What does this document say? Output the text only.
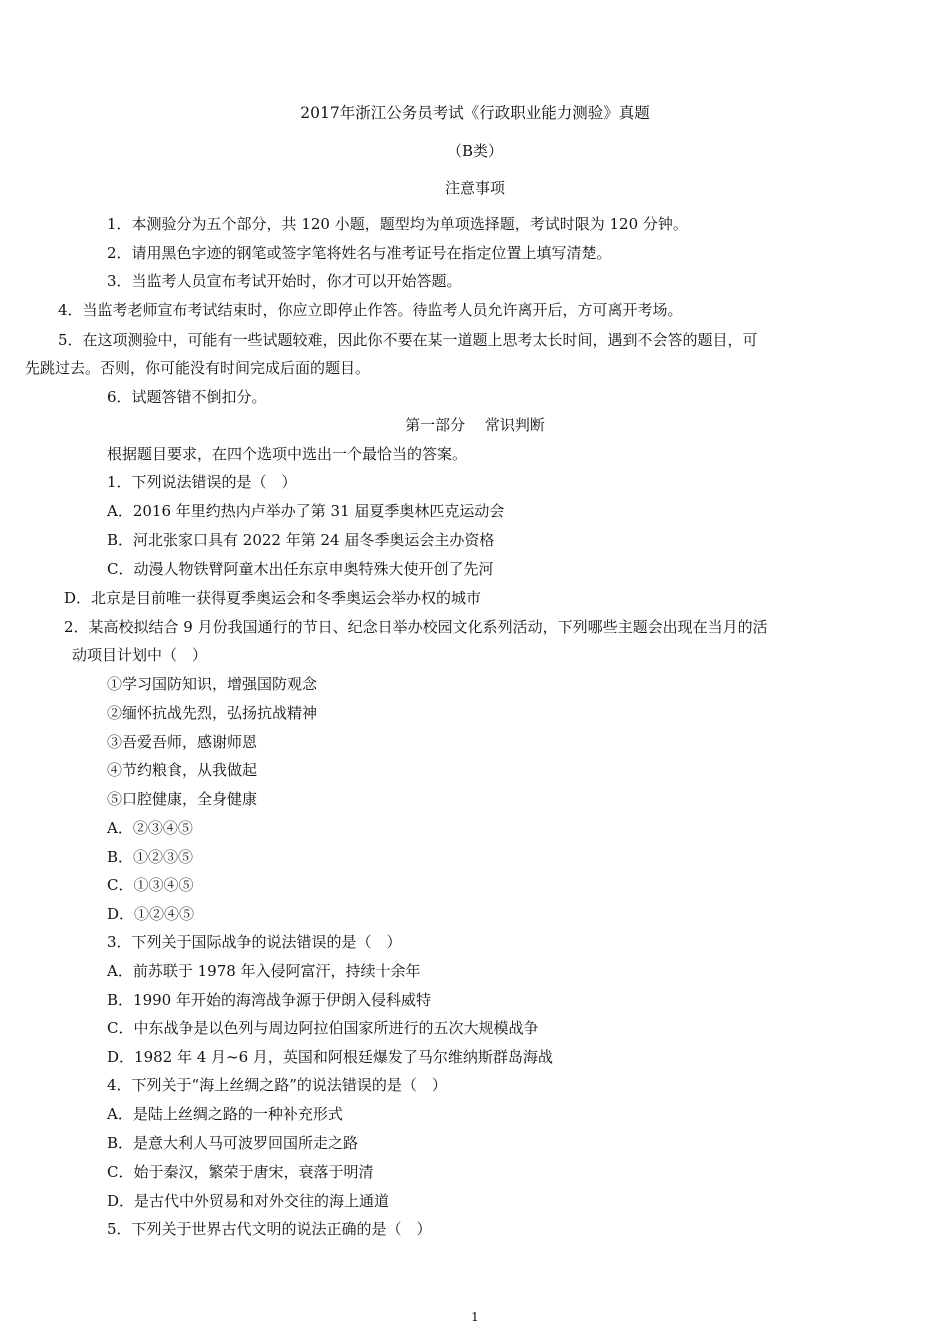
2017年浙江公务员考试《行政职业能力测验》真题
（B类）
注意事项
1．本测验分为五个部分，共 120 小题，题型均为单项选择题，考试时限为 120 分钟。
2．请用黑色字迹的钢笔或签字笔将姓名与准考证号在指定位置上填写清楚。
3．当监考人员宣布考试开始时，你才可以开始答题。
4．当监考老师宣布考试结束时，你应立即停止作答。待监考人员允许离开后，方可离开考场。
5．在这项测验中，可能有一些试题较难，因此你不要在某一道题上思考太长时间，遇到不会答的题目，可
先跳过去。否则，你可能没有时间完成后面的题目。
6．试题答错不倒扣分。
第一部分　 常识判断
根据题目要求，在四个选项中选出一个最恰当的答案。
1．下列说法错误的是（　）
A．2016 年里约热内卢举办了第 31 届夏季奥林匹克运动会
B．河北张家口具有 2022 年第 24 届冬季奥运会主办资格
C．动漫人物铁臂阿童木出任东京申奥特殊大使开创了先河
D．北京是目前唯一获得夏季奥运会和冬季奥运会举办权的城市
2．某高校拟结合 9 月份我国通行的节日、纪念日举办校园文化系列活动，下列哪些主题会出现在当月的活
动项目计划中（　）
①学习国防知识，增强国防观念
②缅怀抗战先烈，弘扬抗战精神
③吾爱吾师，感谢师恩
④节约粮食，从我做起
⑤口腔健康，全身健康
A．②③④⑤
B．①②③⑤
C．①③④⑤
D．①②④⑤
3．下列关于国际战争的说法错误的是（　）
A．前苏联于 1978 年入侵阿富汗，持续十余年
B．1990 年开始的海湾战争源于伊朗入侵科威特
C．中东战争是以色列与周边阿拉伯国家所进行的五次大规模战争
D．1982 年 4 月~6 月，英国和阿根廷爆发了马尔维纳斯群岛海战
4．下列关于“海上丝绸之路”的说法错误的是（　）
A．是陆上丝绸之路的一种补充形式
B．是意大利人马可波罗回国所走之路
C．始于秦汉，繁荣于唐宋，衰落于明清
D．是古代中外贸易和对外交往的海上通道
5．下列关于世界古代文明的说法正确的是（　）
1
